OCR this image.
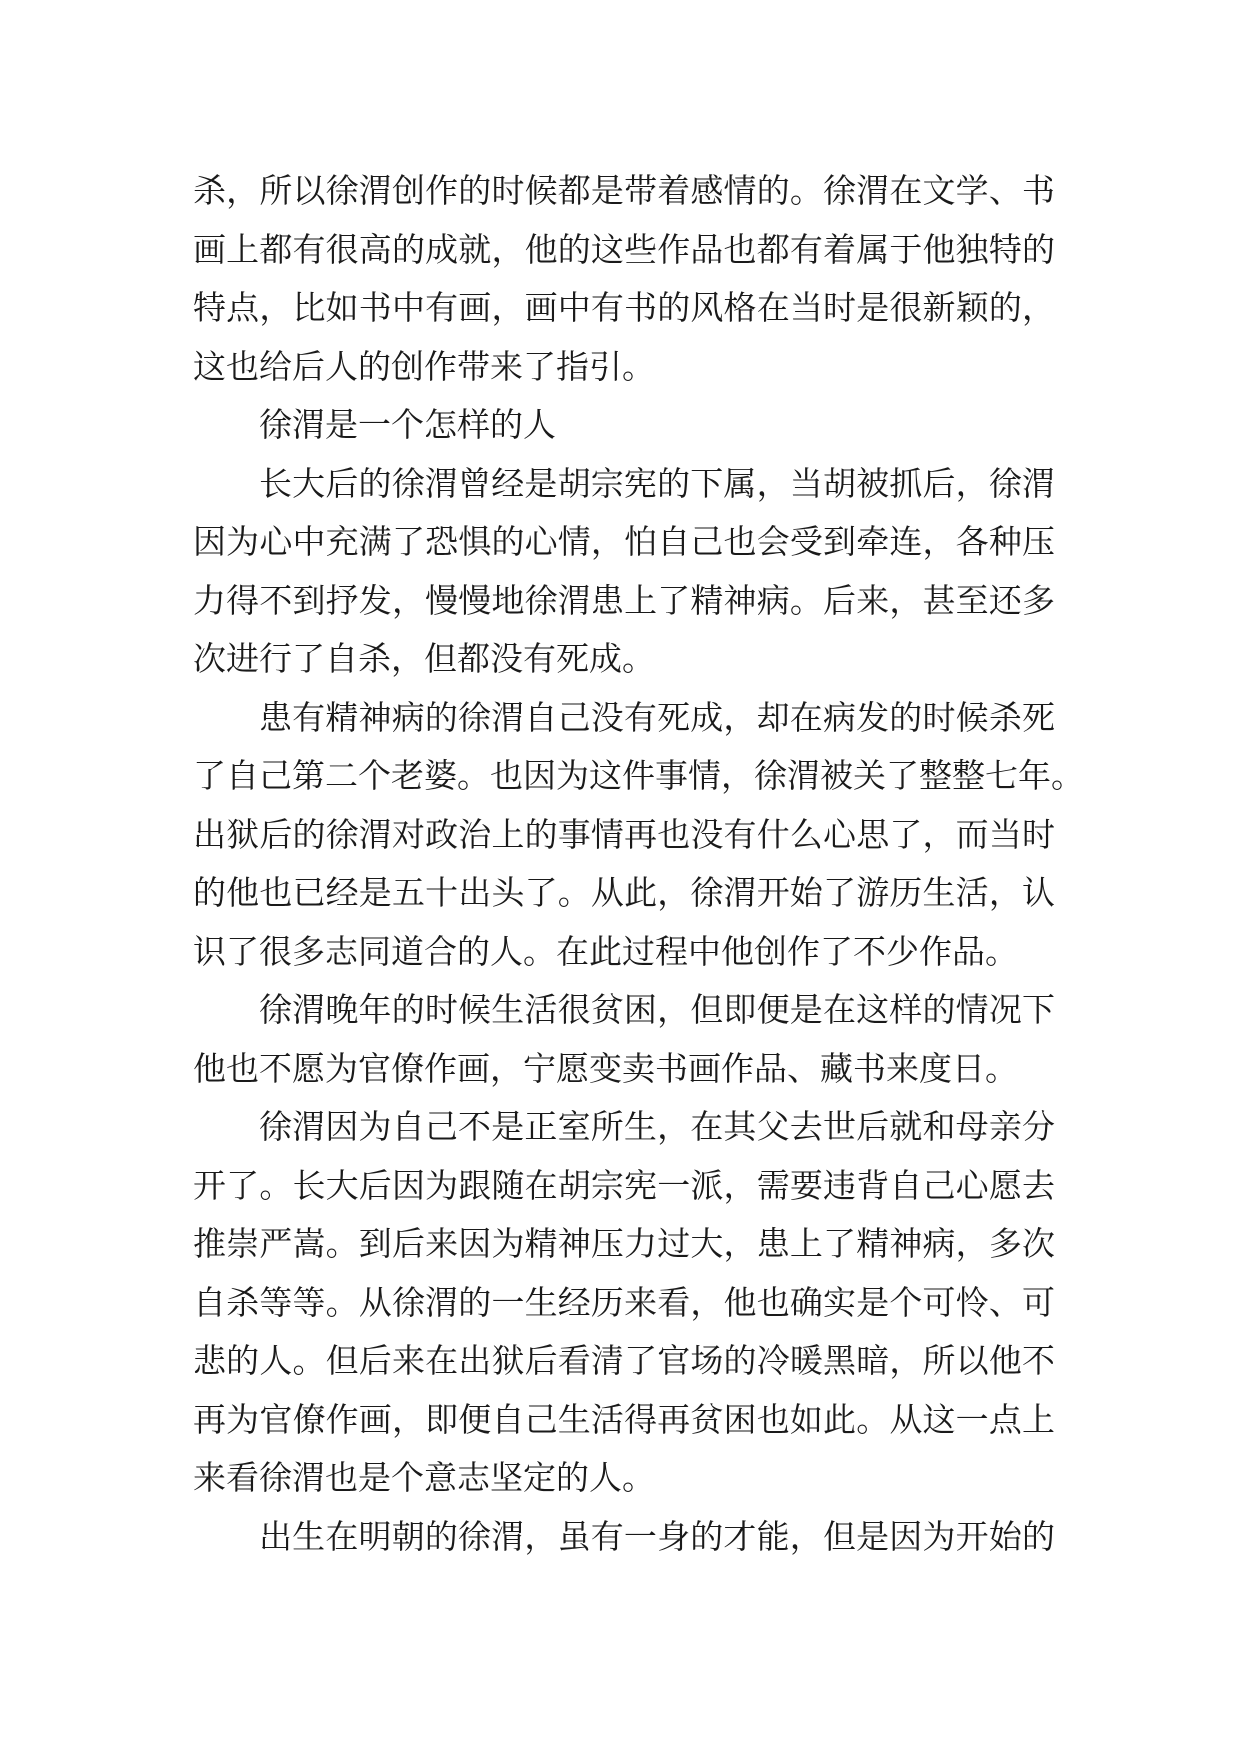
杀，所以徐渭创作的时候都是带着感情的。徐渭在文学、书
画上都有很高的成就，他的这些作品也都有着属于他独特的
特点，比如书中有画，画中有书的风格在当时是很新颖的，
这也给后人的创作带来了指引。
徐渭是一个怎样的人
长大后的徐渭曾经是胡宗宪的下属，当胡被抓后，徐渭
因为心中充满了恐惧的心情，怕自己也会受到牵连，各种压
力得不到抒发，慢慢地徐渭患上了精神病。后来，甚至还多
次进行了自杀，但都没有死成。
患有精神病的徐渭自己没有死成，却在病发的时候杀死
了自己第二个老婆。也因为这件事情，徐渭被关了整整七年。
出狱后的徐渭对政治上的事情再也没有什么心思了，而当时
的他也已经是五十出头了。从此，徐渭开始了游历生活，认
识了很多志同道合的人。在此过程中他创作了不少作品。
徐渭晚年的时候生活很贫困，但即便是在这样的情况下
他也不愿为官僚作画，宁愿变卖书画作品、藏书来度日。
徐渭因为自己不是正室所生，在其父去世后就和母亲分
开了。长大后因为跟随在胡宗宪一派，需要违背自己心愿去
推崇严嵩。到后来因为精神压力过大，患上了精神病，多次
自杀等等。从徐渭的一生经历来看，他也确实是个可怜、可
悲的人。但后来在出狱后看清了官场的冷暖黑暗，所以他不
再为官僚作画，即便自己生活得再贫困也如此。从这一点上
来看徐渭也是个意志坚定的人。
出生在明朝的徐渭，虽有一身的才能，但是因为开始的
